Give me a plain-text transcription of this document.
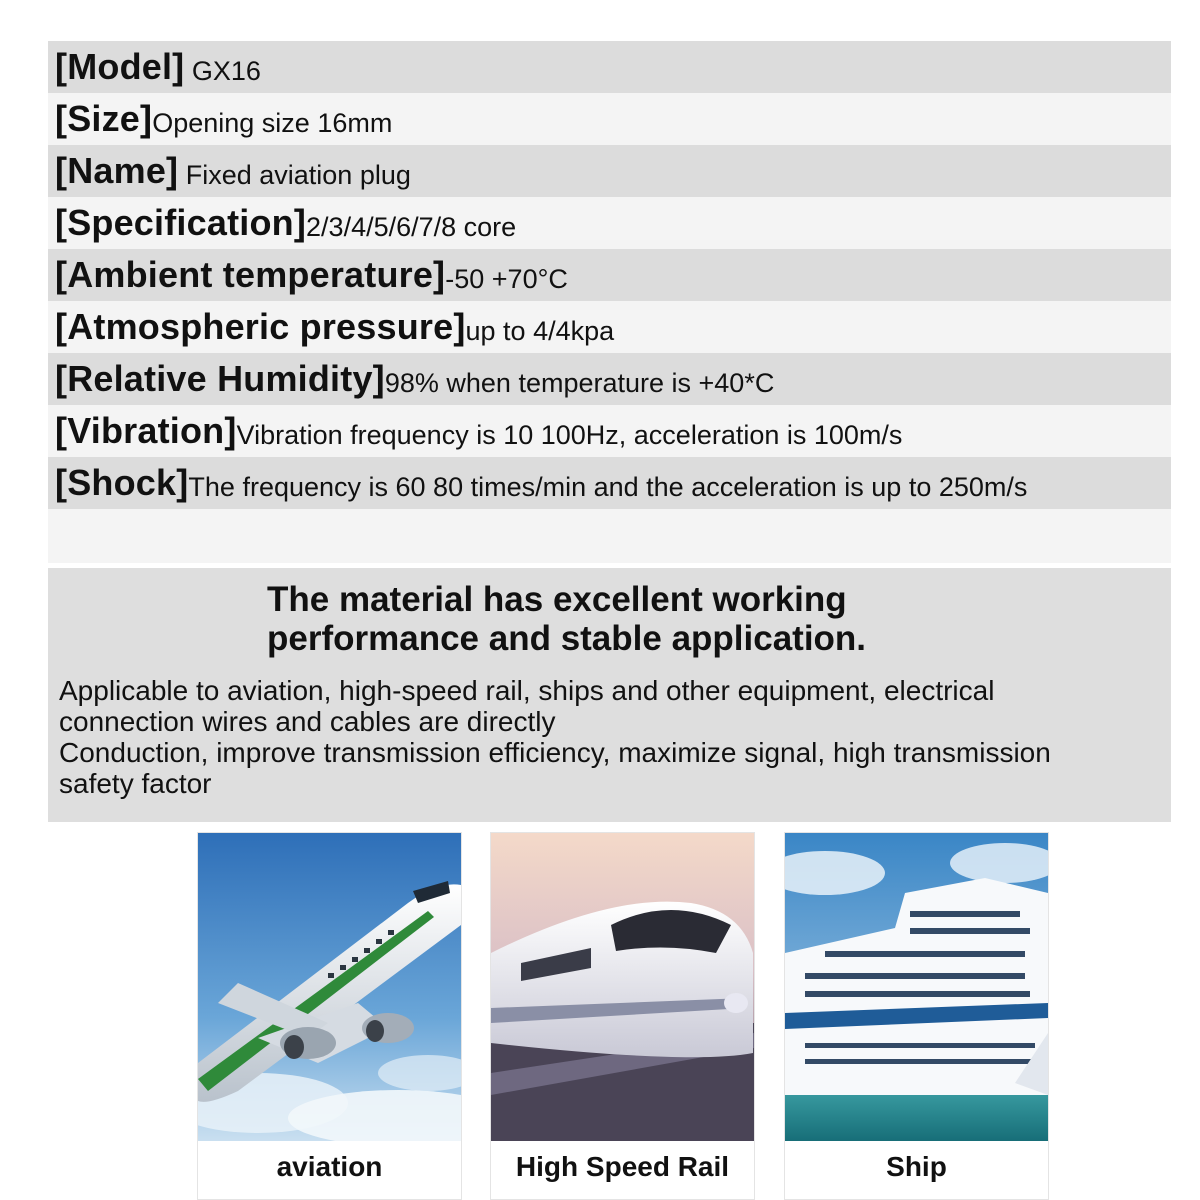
[Model] GX16
[Size] Opening size 16mm
[Name] Fixed aviation plug
[Specification] 2/3/4/5/6/7/8 core
[Ambient temperature] -50 +70°C
[Atmospheric pressure] up to 4/4kpa
[Relative Humidity] 98% when temperature is +40*C
[Vibration] Vibration frequency is 10 100Hz, acceleration is 100m/s
[Shock] The frequency is 60 80 times/min and the acceleration is up to 250m/s
The material has excellent working
performance and stable application.
Applicable to aviation, high-speed rail, ships and other equipment, electrical
connection wires and cables are directly
Conduction, improve transmission efficiency, maximize signal, high transmission
safety factor
aviation	High Speed Rail	Ship
